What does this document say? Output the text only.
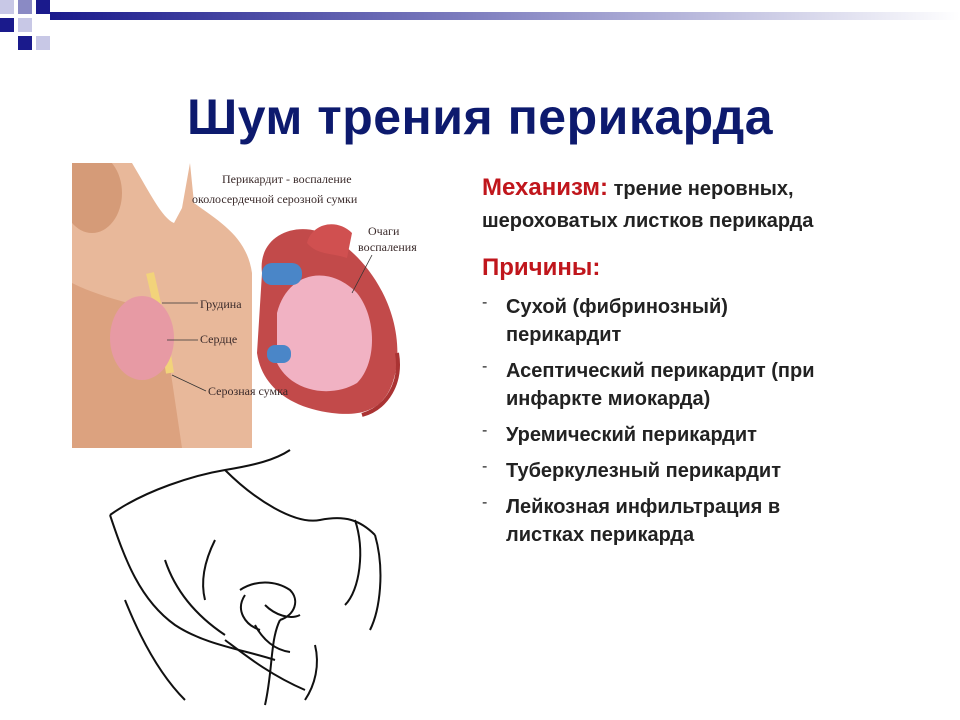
Шум трения перикарда
Перикардит - воспаление
околосердечной серозной сумки
Очаги
воспаления
Грудина
Сердце
Серозная сумка
Механизм: трение неровных,
шероховатых листков перикарда
Причины:
- Сухой (фибринозный)
перикардит
- Асептический перикардит (при
инфаркте миокарда)
- Уремический перикардит
- Туберкулезный перикардит
- Лейкозная инфильтрация в
листках перикарда
